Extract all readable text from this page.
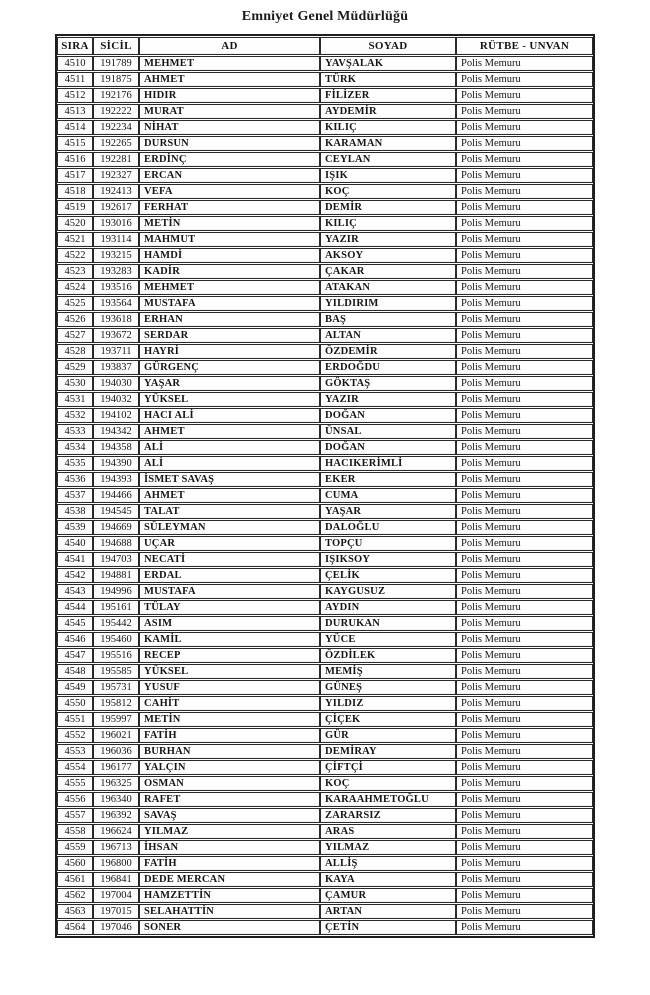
Emniyet Genel Müdürlüğü
SIRA	SİCİL	AD	SOYAD	RÜTBE - UNVAN
4510	191789	MEHMET	YAVŞALAK	Polis Memuru
4511	191875	AHMET	TÜRK	Polis Memuru
4512	192176	HIDIR	FİLİZER	Polis Memuru
4513	192222	MURAT	AYDEMİR	Polis Memuru
4514	192234	NİHAT	KILIÇ	Polis Memuru
4515	192265	DURSUN	KARAMAN	Polis Memuru
4516	192281	ERDİNÇ	CEYLAN	Polis Memuru
4517	192327	ERCAN	IŞIK	Polis Memuru
4518	192413	VEFA	KOÇ	Polis Memuru
4519	192617	FERHAT	DEMİR	Polis Memuru
4520	193016	METİN	KILIÇ	Polis Memuru
4521	193114	MAHMUT	YAZIR	Polis Memuru
4522	193215	HAMDİ	AKSOY	Polis Memuru
4523	193283	KADİR	ÇAKAR	Polis Memuru
4524	193516	MEHMET	ATAKAN	Polis Memuru
4525	193564	MUSTAFA	YILDIRIM	Polis Memuru
4526	193618	ERHAN	BAŞ	Polis Memuru
4527	193672	SERDAR	ALTAN	Polis Memuru
4528	193711	HAYRİ	ÖZDEMİR	Polis Memuru
4529	193837	GÜRGENÇ	ERDOĞDU	Polis Memuru
4530	194030	YAŞAR	GÖKTAŞ	Polis Memuru
4531	194032	YÜKSEL	YAZIR	Polis Memuru
4532	194102	HACI ALİ	DOĞAN	Polis Memuru
4533	194342	AHMET	ÜNSAL	Polis Memuru
4534	194358	ALİ	DOĞAN	Polis Memuru
4535	194390	ALİ	HACIKERİMLİ	Polis Memuru
4536	194393	İSMET SAVAŞ	EKER	Polis Memuru
4537	194466	AHMET	CUMA	Polis Memuru
4538	194545	TALAT	YAŞAR	Polis Memuru
4539	194669	SÜLEYMAN	DALOĞLU	Polis Memuru
4540	194688	UÇAR	TOPÇU	Polis Memuru
4541	194703	NECATİ	IŞIKSOY	Polis Memuru
4542	194881	ERDAL	ÇELİK	Polis Memuru
4543	194996	MUSTAFA	KAYGUSUZ	Polis Memuru
4544	195161	TÜLAY	AYDIN	Polis Memuru
4545	195442	ASIM	DURUKAN	Polis Memuru
4546	195460	KAMİL	YÜCE	Polis Memuru
4547	195516	RECEP	ÖZDİLEK	Polis Memuru
4548	195585	YÜKSEL	MEMİŞ	Polis Memuru
4549	195731	YUSUF	GÜNEŞ	Polis Memuru
4550	195812	CAHİT	YILDIZ	Polis Memuru
4551	195997	METİN	ÇİÇEK	Polis Memuru
4552	196021	FATİH	GÜR	Polis Memuru
4553	196036	BURHAN	DEMİRAY	Polis Memuru
4554	196177	YALÇIN	ÇİFTÇİ	Polis Memuru
4555	196325	OSMAN	KOÇ	Polis Memuru
4556	196340	RAFET	KARAAHMETOĞLU	Polis Memuru
4557	196392	SAVAŞ	ZARARSIZ	Polis Memuru
4558	196624	YILMAZ	ARAS	Polis Memuru
4559	196713	İHSAN	YILMAZ	Polis Memuru
4560	196800	FATİH	ALLİŞ	Polis Memuru
4561	196841	DEDE MERCAN	KAYA	Polis Memuru
4562	197004	HAMZETTİN	ÇAMUR	Polis Memuru
4563	197015	SELAHATTİN	ARTAN	Polis Memuru
4564	197046	SONER	ÇETİN	Polis Memuru
